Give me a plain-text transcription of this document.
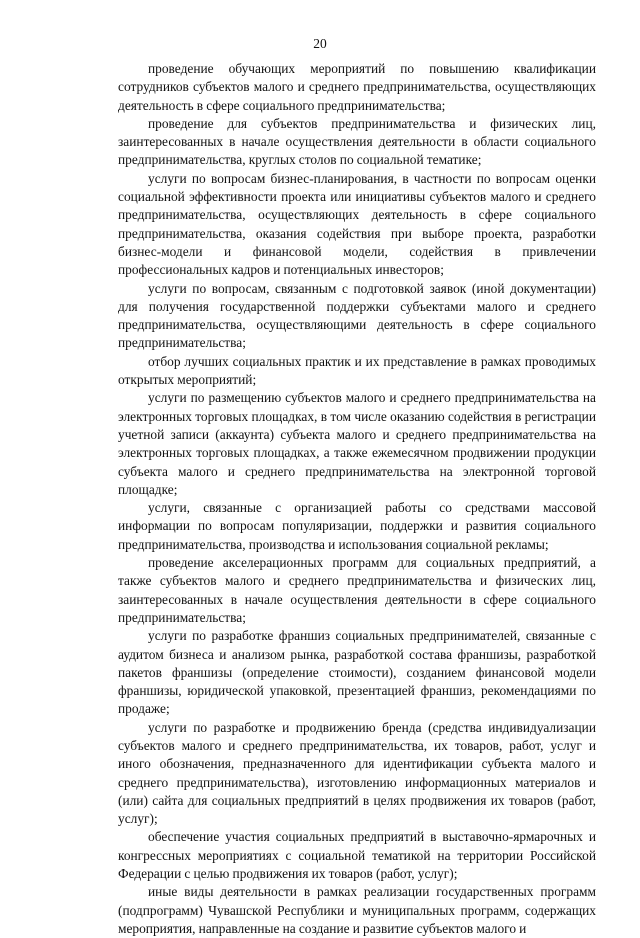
20

проведение обучающих мероприятий по повышению квалификации сотрудников субъектов малого и среднего предпринимательства, осуществляющих деятельность в сфере социального предпринимательства;

проведение для субъектов предпринимательства и физических лиц, заинтересованных в начале осуществления деятельности в области социального предпринимательства, круглых столов по социальной тематике;

услуги по вопросам бизнес-планирования, в частности по вопросам оценки социальной эффективности проекта или инициативы субъектов малого и среднего предпринимательства, осуществляющих деятельность в сфере социального предпринимательства, оказания содействия при выборе проекта, разработки бизнес-модели и финансовой модели, содействия в привлечении профессиональных кадров и потенциальных инвесторов;

услуги по вопросам, связанным с подготовкой заявок (иной документации) для получения государственной поддержки субъектами малого и среднего предпринимательства, осуществляющими деятельность в сфере социального предпринимательства;

отбор лучших социальных практик и их представление в рамках проводимых открытых мероприятий;

услуги по размещению субъектов малого и среднего предпринимательства на электронных торговых площадках, в том числе оказанию содействия в регистрации учетной записи (аккаунта) субъекта малого и среднего предпринимательства на электронных торговых площадках, а также ежемесячном продвижении продукции субъекта малого и среднего предпринимательства на электронной торговой площадке;

услуги, связанные с организацией работы со средствами массовой информации по вопросам популяризации, поддержки и развития социального предпринимательства, производства и использования социальной рекламы;

проведение акселерационных программ для социальных предприятий, а также субъектов малого и среднего предпринимательства и физических лиц, заинтересованных в начале осуществления деятельности в сфере социального предпринимательства;

услуги по разработке франшиз социальных предпринимателей, связанные с аудитом бизнеса и анализом рынка, разработкой состава франшизы, разработкой пакетов франшизы (определение стоимости), созданием финансовой модели франшизы, юридической упаковкой, презентацией франшиз, рекомендациями по продаже;

услуги по разработке и продвижению бренда (средства индивидуализации субъектов малого и среднего предпринимательства, их товаров, работ, услуг и иного обозначения, предназначенного для идентификации субъекта малого и среднего предпринимательства), изготовлению информационных материалов и (или) сайта для социальных предприятий в целях продвижения их товаров (работ, услуг);

обеспечение участия социальных предприятий в выставочно-ярмарочных и конгрессных мероприятиях с социальной тематикой на территории Российской Федерации с целью продвижения их товаров (работ, услуг);

иные виды деятельности в рамках реализации государственных программ (подпрограмм) Чувашской Республики и муниципальных программ, содержащих мероприятия, направленные на создание и развитие субъектов малого и
